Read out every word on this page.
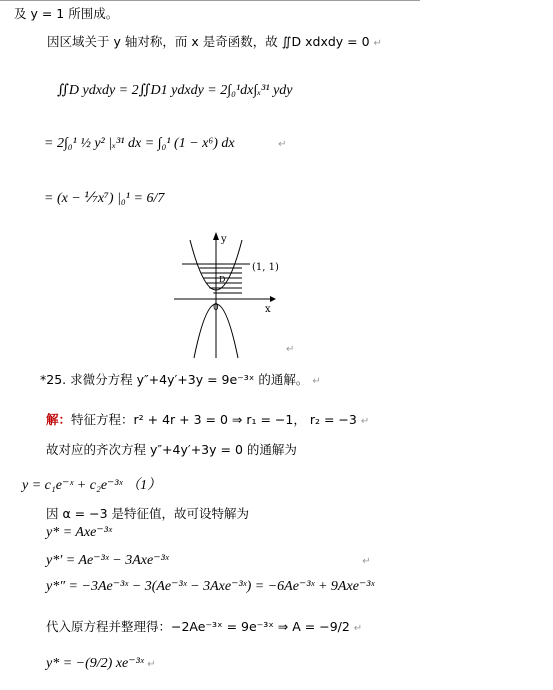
及 y = 1 所围成。
因区域关于 y 轴对称，而 x 是奇函数，故 ∬D xdxdy = 0 ↵
∬D ydxdy = 2∬D1 ydxdy = 2∫₀¹dx∫ₓ³¹ ydy
= 2∫₀¹ ½ y² |ₓ³¹ dx = ∫₀¹ (1 − x⁶) dx	↵
= (x − ⅐x⁷) |₀¹ = 6/7
y
x
(1, 1)
D
0
↵
*25. 求微分方程 y″+4y′+3y = 9e⁻³ˣ 的通解。 ↵
解：特征方程：r² + 4r + 3 = 0 ⇒ r₁ = −1， r₂ = −3 ↵
故对应的齐次方程 y″+4y′+3y = 0 的通解为
y = c₁e⁻ˣ + c₂e⁻³ˣ （1）
因 α = −3 是特征值，故可设特解为
y* = Axe⁻³ˣ
y*′ = Ae⁻³ˣ − 3Axe⁻³ˣ	↵
y*″ = −3Ae⁻³ˣ − 3(Ae⁻³ˣ − 3Axe⁻³ˣ) = −6Ae⁻³ˣ + 9Axe⁻³ˣ
代入原方程并整理得：−2Ae⁻³ˣ = 9e⁻³ˣ ⇒ A = −9/2 ↵
y* = −(9/2) xe⁻³ˣ ↵
